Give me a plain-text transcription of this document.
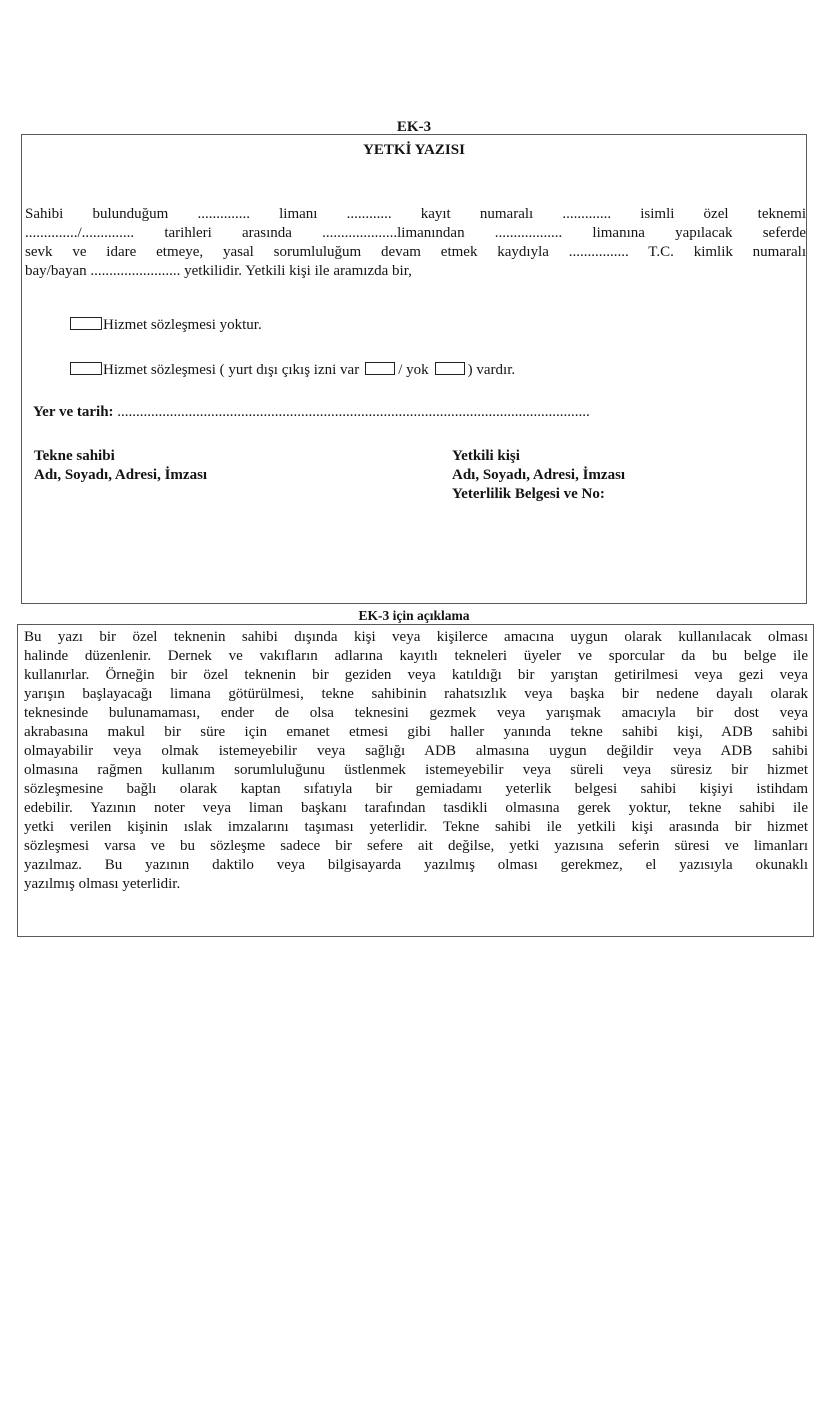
EK-3
YETKİ YAZISI
Sahibi bulunduğum .............. limanı ............ kayıt numaralı ............. isimli özel teknemi
............../.............. tarihleri arasında ....................limanından .................. limanına yapılacak seferde
sevk ve idare etmeye, yasal sorumluluğum devam etmek kaydıyla ................ T.C. kimlik numaralı
bay/bayan ........................ yetkilidir. Yetkili kişi ile aramızda bir,
Hizmet sözleşmesi yoktur.
Hizmet sözleşmesi ( yurt dışı çıkış izni var	/ yok	) vardır.
Yer ve tarih: ..............................................................................................................................
Tekne sahibi
Adı, Soyadı, Adresi, İmzası
Yetkili kişi
Adı, Soyadı, Adresi, İmzası
Yeterlilik Belgesi ve No:
EK-3 için açıklama
Bu yazı bir özel teknenin sahibi dışında kişi veya kişilerce amacına uygun olarak kullanılacak olması
halinde düzenlenir. Dernek ve vakıfların adlarına kayıtlı tekneleri üyeler ve sporcular da bu belge ile
kullanırlar. Örneğin bir özel teknenin bir geziden veya katıldığı bir yarıştan getirilmesi veya gezi veya
yarışın başlayacağı limana götürülmesi, tekne sahibinin rahatsızlık veya başka bir nedene dayalı olarak
teknesinde bulunamaması, ender de olsa teknesini gezmek veya yarışmak amacıyla bir dost veya
akrabasına makul bir süre için emanet etmesi gibi haller yanında tekne sahibi kişi, ADB sahibi
olmayabilir veya olmak istemeyebilir veya sağlığı ADB almasına uygun değildir veya ADB sahibi
olmasına rağmen kullanım sorumluluğunu üstlenmek istemeyebilir veya süreli veya süresiz bir hizmet
sözleşmesine bağlı olarak kaptan sıfatıyla bir gemiadamı yeterlik belgesi sahibi kişiyi istihdam
edebilir. Yazının noter veya liman başkanı tarafından tasdikli olmasına gerek yoktur, tekne sahibi ile
yetki verilen kişinin ıslak imzalarını taşıması yeterlidir. Tekne sahibi ile yetkili kişi arasında bir hizmet
sözleşmesi varsa ve bu sözleşme sadece bir sefere ait değilse, yetki yazısına seferin süresi ve limanları
yazılmaz. Bu yazının daktilo veya bilgisayarda yazılmış olması gerekmez, el yazısıyla okunaklı
yazılmış olması yeterlidir.
